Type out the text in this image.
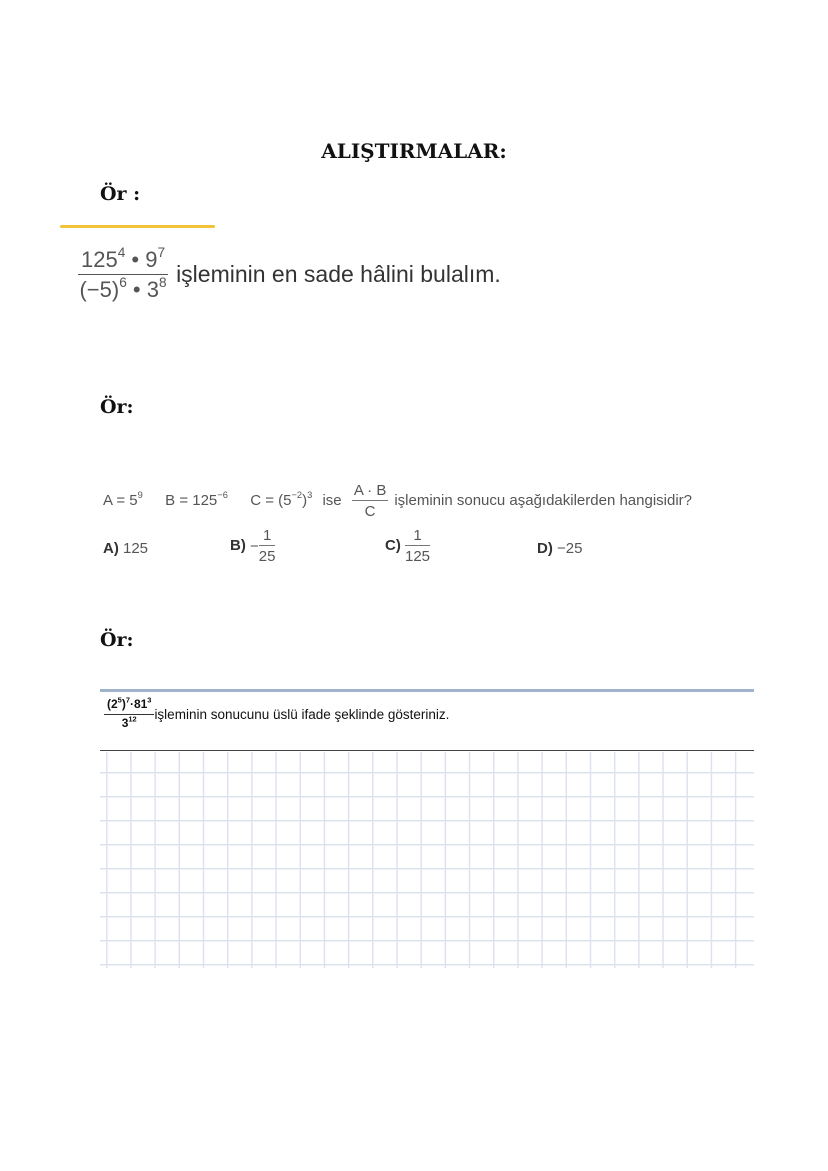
ALIŞTIRMALAR:
Ör :
$\frac{125^4 • 9^7}{(-5)^6 • 3^8}$ işleminin en sade hâlini bulalım.
Ör:
$A = 5^9$ $B = 125^{-6}$ $C = (5^{-2})^3$ ise $\frac{A \cdot B}{C}$ işleminin sonucu aşağıdakilerden hangisidir?
A) 125	$B) - \frac{1}{25}$	$C) \frac{1}{125}$	D) −25
Ör:
$\frac{(2^5)^7\cdot 81^3}{3^{12}}$ işleminin sonucunu üslü ifade şeklinde gösteriniz.
